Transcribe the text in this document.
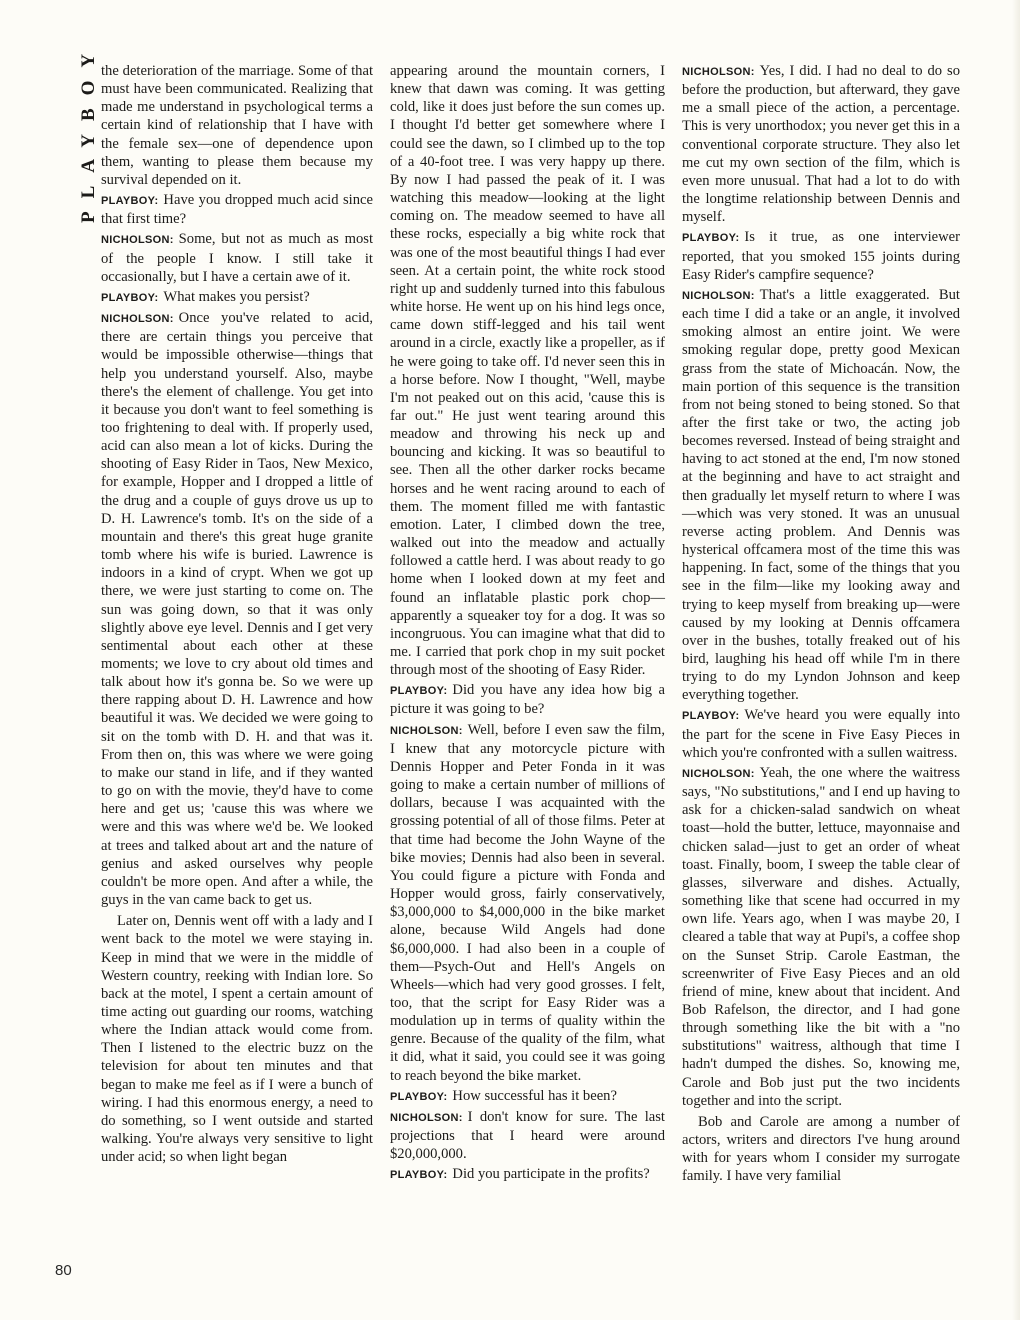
PLAYBOY the deterioration of the marriage. Some of that must have been communicated. Realizing that made me understand in psychological terms a certain kind of relationship that I have with the female sex—one of dependence upon them, wanting to please them because my survival depended on it.

PLAYBOY: Have you dropped much acid since that first time?

NICHOLSON: Some, but not as much as most of the people I know. I still take it occasionally, but I have a certain awe of it.

PLAYBOY: What makes you persist?

NICHOLSON: Once you've related to acid, there are certain things you perceive that would be impossible otherwise—things that help you understand yourself. Also, maybe there's the element of challenge. You get into it because you don't want to feel something is too frightening to deal with. If properly used, acid can also mean a lot of kicks. During the shooting of Easy Rider in Taos, New Mexico, for example, Hopper and I dropped a little of the drug and a couple of guys drove us up to D. H. Lawrence's tomb. It's on the side of a mountain and there's this great huge granite tomb where his wife is buried. Lawrence is indoors in a kind of crypt. When we got up there, we were just starting to come on. The sun was going down, so that it was only slightly above eye level. Dennis and I get very sentimental about each other at these moments; we love to cry about old times and talk about how it's gonna be. So we were up there rapping about D. H. Lawrence and how beautiful it was. We decided we were going to sit on the tomb with D. H. and that was it. From then on, this was where we were going to make our stand in life, and if they wanted to go on with the movie, they'd have to come here and get us; 'cause this was where we were and this was where we'd be. We looked at trees and talked about art and the nature of genius and asked ourselves why people couldn't be more open. And after a while, the guys in the van came back to get us.

Later on, Dennis went off with a lady and I went back to the motel we were staying in. Keep in mind that we were in the middle of Western country, reeking with Indian lore. So back at the motel, I spent a certain amount of time acting out guarding our rooms, watching where the Indian attack would come from. Then I listened to the electric buzz on the television for about ten minutes and that began to make me feel as if I were a bunch of wiring. I had this enormous energy, a need to do something, so I went outside and started walking. You're always very sensitive to light under acid; so when light began

appearing around the mountain corners, I knew that dawn was coming. It was getting cold, like it does just before the sun comes up. I thought I'd better get somewhere where I could see the dawn, so I climbed up to the top of a 40-foot tree. I was very happy up there. By now I had passed the peak of it. I was watching this meadow—looking at the light coming on. The meadow seemed to have all these rocks, especially a big white rock that was one of the most beautiful things I had ever seen. At a certain point, the white rock stood right up and suddenly turned into this fabulous white horse. He went up on his hind legs once, came down stiff-legged and his tail went around in a circle, exactly like a propeller, as if he were going to take off. I'd never seen this in a horse before. Now I thought, "Well, maybe I'm not peaked out on this acid, 'cause this is far out." He just went tearing around this meadow and throwing his neck up and bouncing and kicking. It was so beautiful to see. Then all the other darker rocks became horses and he went racing around to each of them. The moment filled me with fantastic emotion. Later, I climbed down the tree, walked out into the meadow and actually followed a cattle herd. I was about ready to go home when I looked down at my feet and found an inflatable plastic pork chop—apparently a squeaker toy for a dog. It was so incongruous. You can imagine what that did to me. I carried that pork chop in my suit pocket through most of the shooting of Easy Rider.

PLAYBOY: Did you have any idea how big a picture it was going to be?

NICHOLSON: Well, before I even saw the film, I knew that any motorcycle picture with Dennis Hopper and Peter Fonda in it was going to make a certain number of millions of dollars, because I was acquainted with the grossing potential of all of those films. Peter at that time had become the John Wayne of the bike movies; Dennis had also been in several. You could figure a picture with Fonda and Hopper would gross, fairly conservatively, $3,000,000 to $4,000,000 in the bike market alone, because Wild Angels had done $6,000,000. I had also been in a couple of them—Psych-Out and Hell's Angels on Wheels—which had very good grosses. I felt, too, that the script for Easy Rider was a modulation up in terms of quality within the genre. Because of the quality of the film, what it did, what it said, you could see it was going to reach beyond the bike market.

PLAYBOY: How successful has it been?

NICHOLSON: I don't know for sure. The last projections that I heard were around $20,000,000.

PLAYBOY: Did you participate in the profits?

NICHOLSON: Yes, I did. I had no deal to do so before the production, but afterward, they gave me a small piece of the action, a percentage. This is very unorthodox; you never get this in a conventional corporate structure. They also let me cut my own section of the film, which is even more unusual. That had a lot to do with the longtime relationship between Dennis and myself.

PLAYBOY: Is it true, as one interviewer reported, that you smoked 155 joints during Easy Rider's campfire sequence?

NICHOLSON: That's a little exaggerated. But each time I did a take or an angle, it involved smoking almost an entire joint. We were smoking regular dope, pretty good Mexican grass from the state of Michoacán. Now, the main portion of this sequence is the transition from not being stoned to being stoned. So that after the first take or two, the acting job becomes reversed. Instead of being straight and having to act stoned at the end, I'm now stoned at the beginning and have to act straight and then gradually let myself return to where I was—which was very stoned. It was an unusual reverse acting problem. And Dennis was hysterical offcamera most of the time this was happening. In fact, some of the things that you see in the film—like my looking away and trying to keep myself from breaking up—were caused by my looking at Dennis offcamera over in the bushes, totally freaked out of his bird, laughing his head off while I'm in there trying to do my Lyndon Johnson and keep everything together.

PLAYBOY: We've heard you were equally into the part for the scene in Five Easy Pieces in which you're confronted with a sullen waitress.

NICHOLSON: Yeah, the one where the waitress says, "No substitutions," and I end up having to ask for a chicken-salad sandwich on wheat toast—hold the butter, lettuce, mayonnaise and chicken salad—just to get an order of wheat toast. Finally, boom, I sweep the table clear of glasses, silverware and dishes. Actually, something like that scene had occurred in my own life. Years ago, when I was maybe 20, I cleared a table that way at Pupi's, a coffee shop on the Sunset Strip. Carole Eastman, the screenwriter of Five Easy Pieces and an old friend of mine, knew about that incident. And Bob Rafelson, the director, and I had gone through something like the bit with a "no substitutions" waitress, although that time I hadn't dumped the dishes. So, knowing me, Carole and Bob just put the two incidents together and into the script.

Bob and Carole are among a number of actors, writers and directors I've hung around with for years whom I consider my surrogate family. I have very familial

80
